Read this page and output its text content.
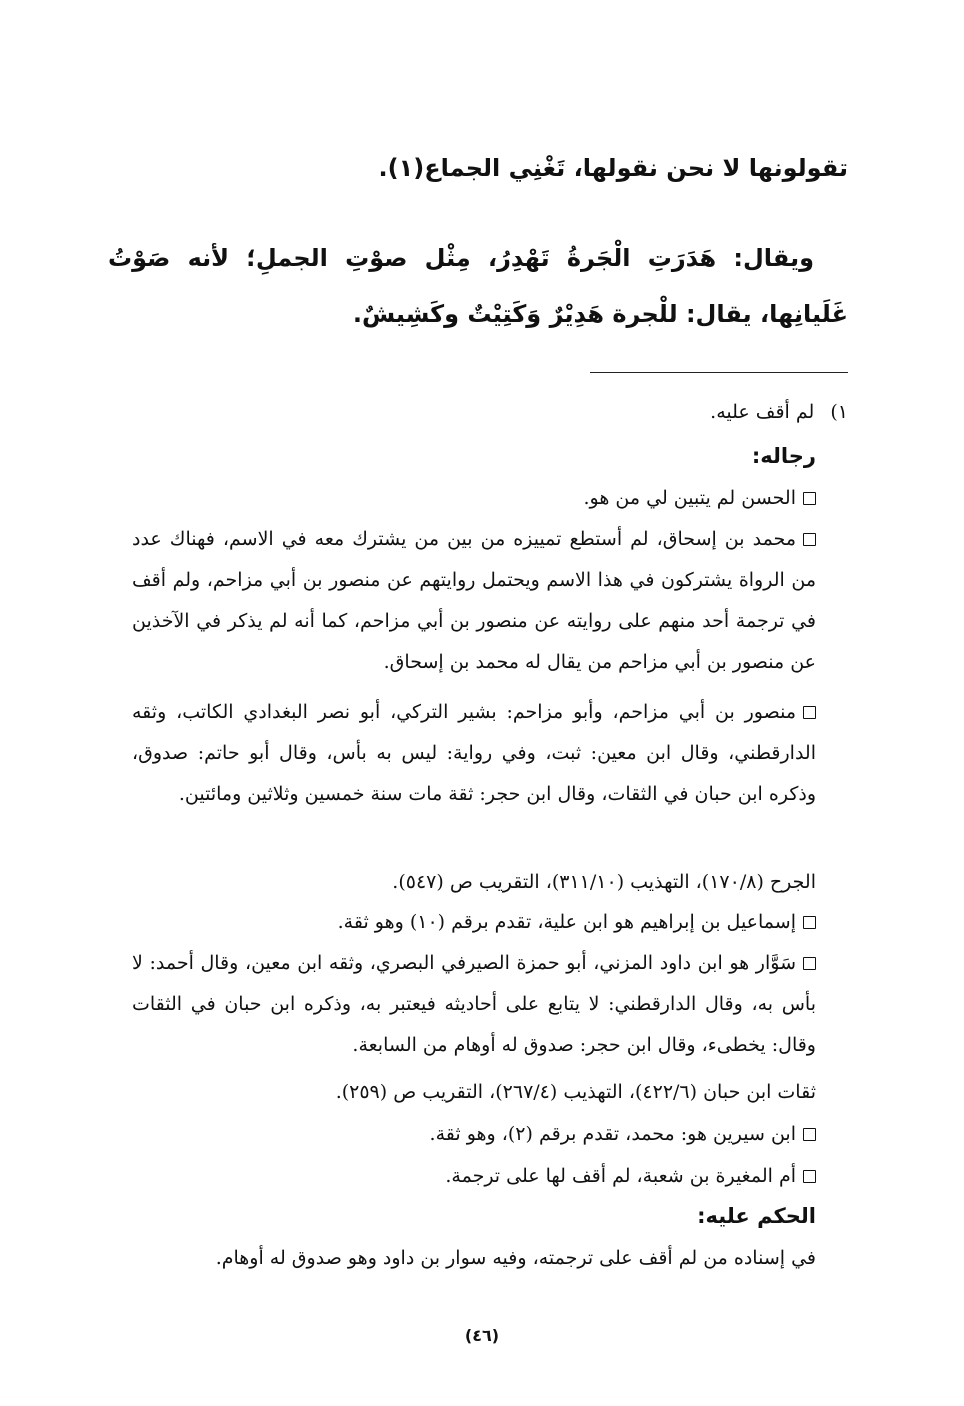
تقولونها لا نحن نقولها، تَغْنِي الجماع(١).
ويقال: هَدَرَتِ الْجَرةُ تَهْدِرُ، مِثْل صوْتِ الجملِ؛ لأنه صَوْتُ غَلَيانِها، يقال: للْجرة هَدِيْرٌ وَكَتِيْتٌ وكَشِيشٌ.
١) لم أقف عليه.
رجاله:
الحسن لم يتبين لي من هو.
محمد بن إسحاق، لم أستطع تمييزه من بين من يشترك معه في الاسم، فهناك عدد من الرواة يشتركون في هذا الاسم ويحتمل روايتهم عن منصور بن أبي مزاحم، ولم أقف في ترجمة أحد منهم على روايته عن منصور بن أبي مزاحم، كما أنه لم يذكر في الآخذين عن منصور بن أبي مزاحم من يقال له محمد بن إسحاق.
منصور بن أبي مزاحم، وأبو مزاحم: بشير التركي، أبو نصر البغدادي الكاتب، وثقه الدارقطني، وقال ابن معين: ثبت، وفي رواية: ليس به بأس، وقال أبو حاتم: صدوق، وذكره ابن حبان في الثقات، وقال ابن حجر: ثقة مات سنة خمسين وثلاثين ومائتين.
الجرح (١٧٠/٨)، التهذيب (٣١١/١٠)، التقريب ص (٥٤٧).
إسماعيل بن إبراهيم هو ابن علية، تقدم برقم (١٠) وهو ثقة.
سَوَّار هو ابن داود المزني، أبو حمزة الصيرفي البصري، وثقه ابن معين، وقال أحمد: لا بأس به، وقال الدارقطني: لا يتابع على أحاديثه فيعتبر به، وذكره ابن حبان في الثقات وقال: يخطىء، وقال ابن حجر: صدوق له أوهام من السابعة.
ثقات ابن حبان (٤٢٢/٦)، التهذيب (٢٦٧/٤)، التقريب ص (٢٥٩).
ابن سيرين هو: محمد، تقدم برقم (٢)، وهو ثقة.
أم المغيرة بن شعبة، لم أقف لها على ترجمة.
الحكم عليه:
في إسناده من لم أقف على ترجمته، وفيه سوار بن داود وهو صدوق له أوهام.
(٤٦)
